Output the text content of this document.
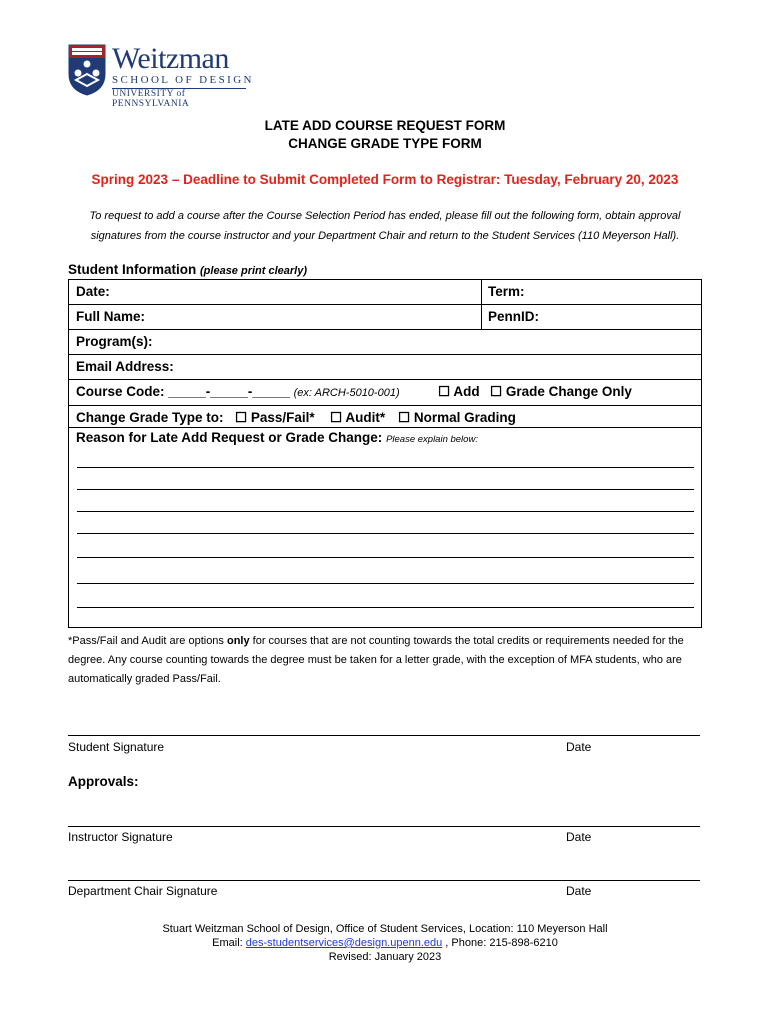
Weitzman
SCHOOL OF DESIGN
UNIVERSITY of PENNSYLVANIA
LATE ADD COURSE REQUEST FORM
CHANGE GRADE TYPE FORM
Spring 2023 – Deadline to Submit Completed Form to Registrar: Tuesday, February 20, 2023
To request to add a course after the Course Selection Period has ended, please fill out the following form, obtain approval
signatures from the course instructor and your Department Chair and return to the Student Services (110 Meyerson Hall).
Student Information (please print clearly)
Date:	Term:
Full Name:	PennID:
Program(s):
Email Address:
Course Code: _____-_____-_____ (ex: ARCH-5010-001)	☐ Add ☐ Grade Change Only
Change Grade Type to: ☐ Pass/Fail* ☐ Audit* ☐ Normal Grading
Reason for Late Add Request or Grade Change: Please explain below:
*Pass/Fail and Audit are options only for courses that are not counting towards the total credits or requirements needed for the degree. Any course counting towards the degree must be taken for a letter grade, with the exception of MFA students, who are automatically graded Pass/Fail.
Student Signature	Date
Approvals:
Instructor Signature	Date
Department Chair Signature	Date
Stuart Weitzman School of Design, Office of Student Services, Location: 110 Meyerson Hall
Email: des-studentservices@design.upenn.edu , Phone: 215-898-6210
Revised: January 2023
